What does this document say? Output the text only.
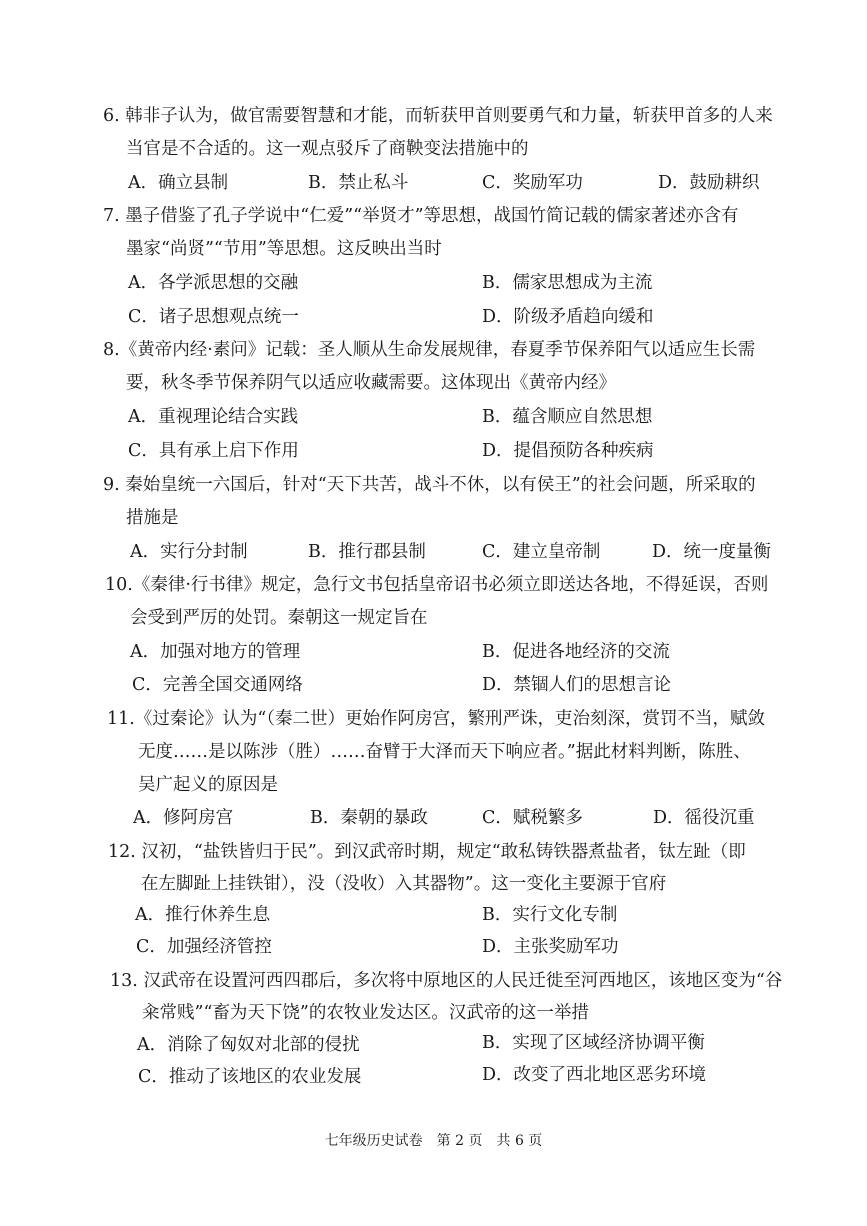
6. 韩非子认为，做官需要智慧和才能，而斩获甲首则要勇气和力量，斩获甲首多的人来
当官是不合适的。这一观点驳斥了商鞅变法措施中的
A．确立县制	B．禁止私斗	C．奖励军功	D．鼓励耕织
7. 墨子借鉴了孔子学说中“仁爱”“举贤才”等思想，战国竹简记载的儒家著述亦含有
墨家“尚贤”“节用”等思想。这反映出当时
A．各学派思想的交融	B．儒家思想成为主流
C．诸子思想观点统一	D．阶级矛盾趋向缓和
8.《黄帝内经·素问》记载：圣人顺从生命发展规律，春夏季节保养阳气以适应生长需
要，秋冬季节保养阴气以适应收藏需要。这体现出《黄帝内经》
A．重视理论结合实践	B．蕴含顺应自然思想
C．具有承上启下作用	D．提倡预防各种疾病
9. 秦始皇统一六国后，针对“天下共苦，战斗不休，以有侯王”的社会问题，所采取的
措施是
A．实行分封制	B．推行郡县制	C．建立皇帝制	D．统一度量衡
10.《秦律·行书律》规定，急行文书包括皇帝诏书必须立即送达各地，不得延误，否则
会受到严厉的处罚。秦朝这一规定旨在
A．加强对地方的管理	B．促进各地经济的交流
C．完善全国交通网络	D．禁锢人们的思想言论
11.《过秦论》认为“（秦二世）更始作阿房宫，繁刑严诛，吏治刻深，赏罚不当，赋敛
无度……是以陈涉（胜）……奋臂于大泽而天下响应者。”据此材料判断，陈胜、
吴广起义的原因是
A．修阿房宫	B．秦朝的暴政	C．赋税繁多	D．徭役沉重
12. 汉初，“盐铁皆归于民”。到汉武帝时期，规定“敢私铸铁器煮盐者，钛左趾（即
在左脚趾上挂铁钳），没（没收）入其器物”。这一变化主要源于官府
A．推行休养生息	B．实行文化专制
C．加强经济管控	D．主张奖励军功
13. 汉武帝在设置河西四郡后，多次将中原地区的人民迁徙至河西地区，该地区变为“谷
籴常贱”“畜为天下饶”的农牧业发达区。汉武帝的这一举措
A．消除了匈奴对北部的侵扰	B．实现了区域经济协调平衡
C．推动了该地区的农业发展	D．改变了西北地区恶劣环境
七年级历史试卷　第 2 页　共 6 页
